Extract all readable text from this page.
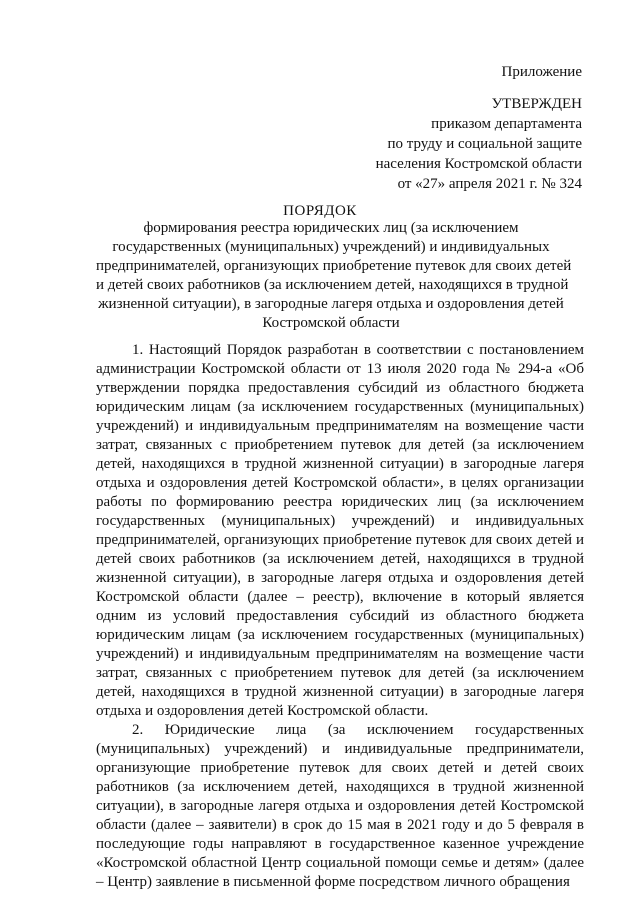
Приложение
УТВЕРЖДЕН
приказом департамента
по труду и социальной защите
населения Костромской области
от «27» апреля 2021 г. № 324
ПОРЯДОК
формирования реестра юридических лиц (за исключением
государственных (муниципальных) учреждений) и индивидуальных
предпринимателей, организующих приобретение путевок для своих детей
и детей своих работников (за исключением детей, находящихся в трудной
жизненной ситуации), в загородные лагеря отдыха и оздоровления детей
Костромской области

1. Настоящий Порядок разработан в соответствии с постановлением администрации Костромской области от 13 июля 2020 года № 294-а «Об утверждении порядка предоставления субсидий из областного бюджета юридическим лицам (за исключением государственных (муниципальных) учреждений) и индивидуальным предпринимателям на возмещение части затрат, связанных с приобретением путевок для детей (за исключением детей, находящихся в трудной жизненной ситуации) в загородные лагеря отдыха и оздоровления детей Костромской области», в целях организации работы по формированию реестра юридических лиц (за исключением государственных (муниципальных) учреждений) и индивидуальных предпринимателей, организующих приобретение путевок для своих детей и детей своих работников (за исключением детей, находящихся в трудной жизненной ситуации), в загородные лагеря отдыха и оздоровления детей Костромской области (далее – реестр), включение в который является одним из условий предоставления субсидий из областного бюджета юридическим лицам (за исключением государственных (муниципальных) учреждений) и индивидуальным предпринимателям на возмещение части затрат, связанных с приобретением путевок для детей (за исключением детей, находящихся в трудной жизненной ситуации) в загородные лагеря отдыха и оздоровления детей Костромской области.

2. Юридические лица (за исключением государственных (муниципальных) учреждений) и индивидуальные предприниматели, организующие приобретение путевок для своих детей и детей своих работников (за исключением детей, находящихся в трудной жизненной ситуации), в загородные лагеря отдыха и оздоровления детей Костромской области (далее – заявители) в срок до 15 мая в 2021 году и до 5 февраля в последующие годы направляют в государственное казенное учреждение «Костромской областной Центр социальной помощи семье и детям» (далее – Центр) заявление в письменной форме посредством личного обращения
